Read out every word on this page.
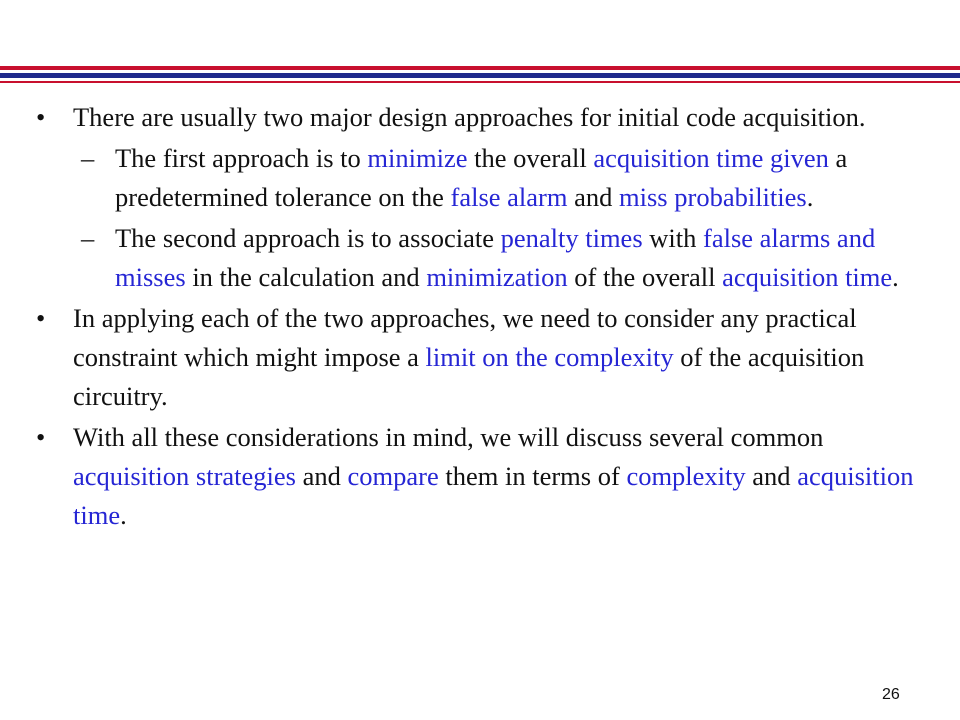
• There are usually two major design approaches for initial code acquisition.
– The first approach is to minimize the overall acquisition time given a predetermined tolerance on the false alarm and miss probabilities.
– The second approach is to associate penalty times with false alarms and misses in the calculation and minimization of the overall acquisition time.
• In applying each of the two approaches, we need to consider any practical constraint which might impose a limit on the complexity of the acquisition circuitry.
• With all these considerations in mind, we will discuss several common acquisition strategies and compare them in terms of complexity and acquisition time.
26
